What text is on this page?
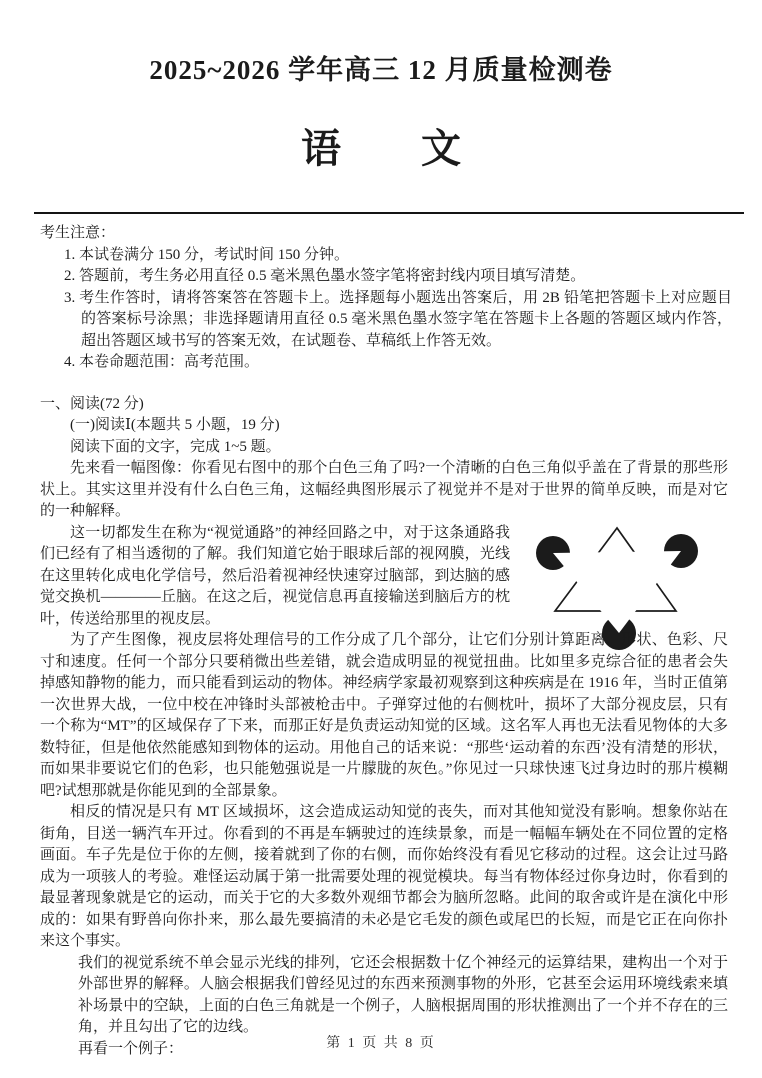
2025~2026 学年高三 12 月质量检测卷
语　　文
考生注意：
1. 本试卷满分 150 分，考试时间 150 分钟。
2. 答题前，考生务必用直径 0.5 毫米黑色墨水签字笔将密封线内项目填写清楚。
3. 考生作答时，请将答案答在答题卡上。选择题每小题选出答案后，用 2B 铅笔把答题卡上对应题目的答案标号涂黑；非选择题请用直径 0.5 毫米黑色墨水签字笔在答题卡上各题的答题区域内作答，超出答题区域书写的答案无效，在试题卷、草稿纸上作答无效。
4. 本卷命题范围：高考范围。
一、阅读(72 分)
(一)阅读Ⅰ(本题共 5 小题，19 分)
阅读下面的文字，完成 1~5 题。

先来看一幅图像：你看见右图中的那个白色三角了吗?一个清晰的白色三角似乎盖在了背景的那些形状上。其实这里并没有什么白色三角，这幅经典图形展示了视觉并不是对于世界的简单反映，而是对它的一种解释。

这一切都发生在称为“视觉通路”的神经回路之中，对于这条通路我们已经有了相当透彻的了解。我们知道它始于眼球后部的视网膜，光线在这里转化成电化学信号，然后沿着视神经快速穿过脑部，到达脑的感觉交换机————丘脑。在这之后，视觉信息再直接输送到脑后方的枕叶，传送给那里的视皮层。

为了产生图像，视皮层将处理信号的工作分成了几个部分，让它们分别计算距离、形状、色彩、尺寸和速度。任何一个部分只要稍微出些差错，就会造成明显的视觉扭曲。比如里多克综合征的患者会失掉感知静物的能力，而只能看到运动的物体。神经病学家最初观察到这种疾病是在 1916 年，当时正值第一次世界大战，一位中校在冲锋时头部被枪击中。子弹穿过他的右侧枕叶，损坏了大部分视皮层，只有一个称为“MT”的区域保存了下来，而那正好是负责运动知觉的区域。这名军人再也无法看见物体的大多数特征，但是他依然能感知到物体的运动。用他自己的话来说：“那些‘运动着的东西’没有清楚的形状，而如果非要说它们的色彩，也只能勉强说是一片朦胧的灰色。”你见过一只球快速飞过身边时的那片模糊吧?试想那就是你能见到的全部景象。

相反的情况是只有 MT 区域损坏，这会造成运动知觉的丧失，而对其他知觉没有影响。想象你站在街角，目送一辆汽车开过。你看到的不再是车辆驶过的连续景象，而是一幅幅车辆处在不同位置的定格画面。车子先是位于你的左侧，接着就到了你的右侧，而你始终没有看见它移动的过程。这会让过马路成为一项骇人的考验。难怪运动属于第一批需要处理的视觉模块。每当有物体经过你身边时，你看到的最显著现象就是它的运动，而关于它的大多数外观细节都会为脑所忽略。此间的取舍或许是在演化中形成的：如果有野兽向你扑来，那么最先要搞清的未必是它毛发的颜色或尾巴的长短，而是它正在向你扑来这个事实。

我们的视觉系统不单会显示光线的排列，它还会根据数十亿个神经元的运算结果，建构出一个对于外部世界的解释。人脑会根据我们曾经见过的东西来预测事物的外形，它甚至会运用环境线索来填补场景中的空缺，上面的白色三角就是一个例子，人脑根据周围的形状推测出了一个并不存在的三角，并且勾出了它的边线。

再看一个例子：	第 1 页 共 8 页
